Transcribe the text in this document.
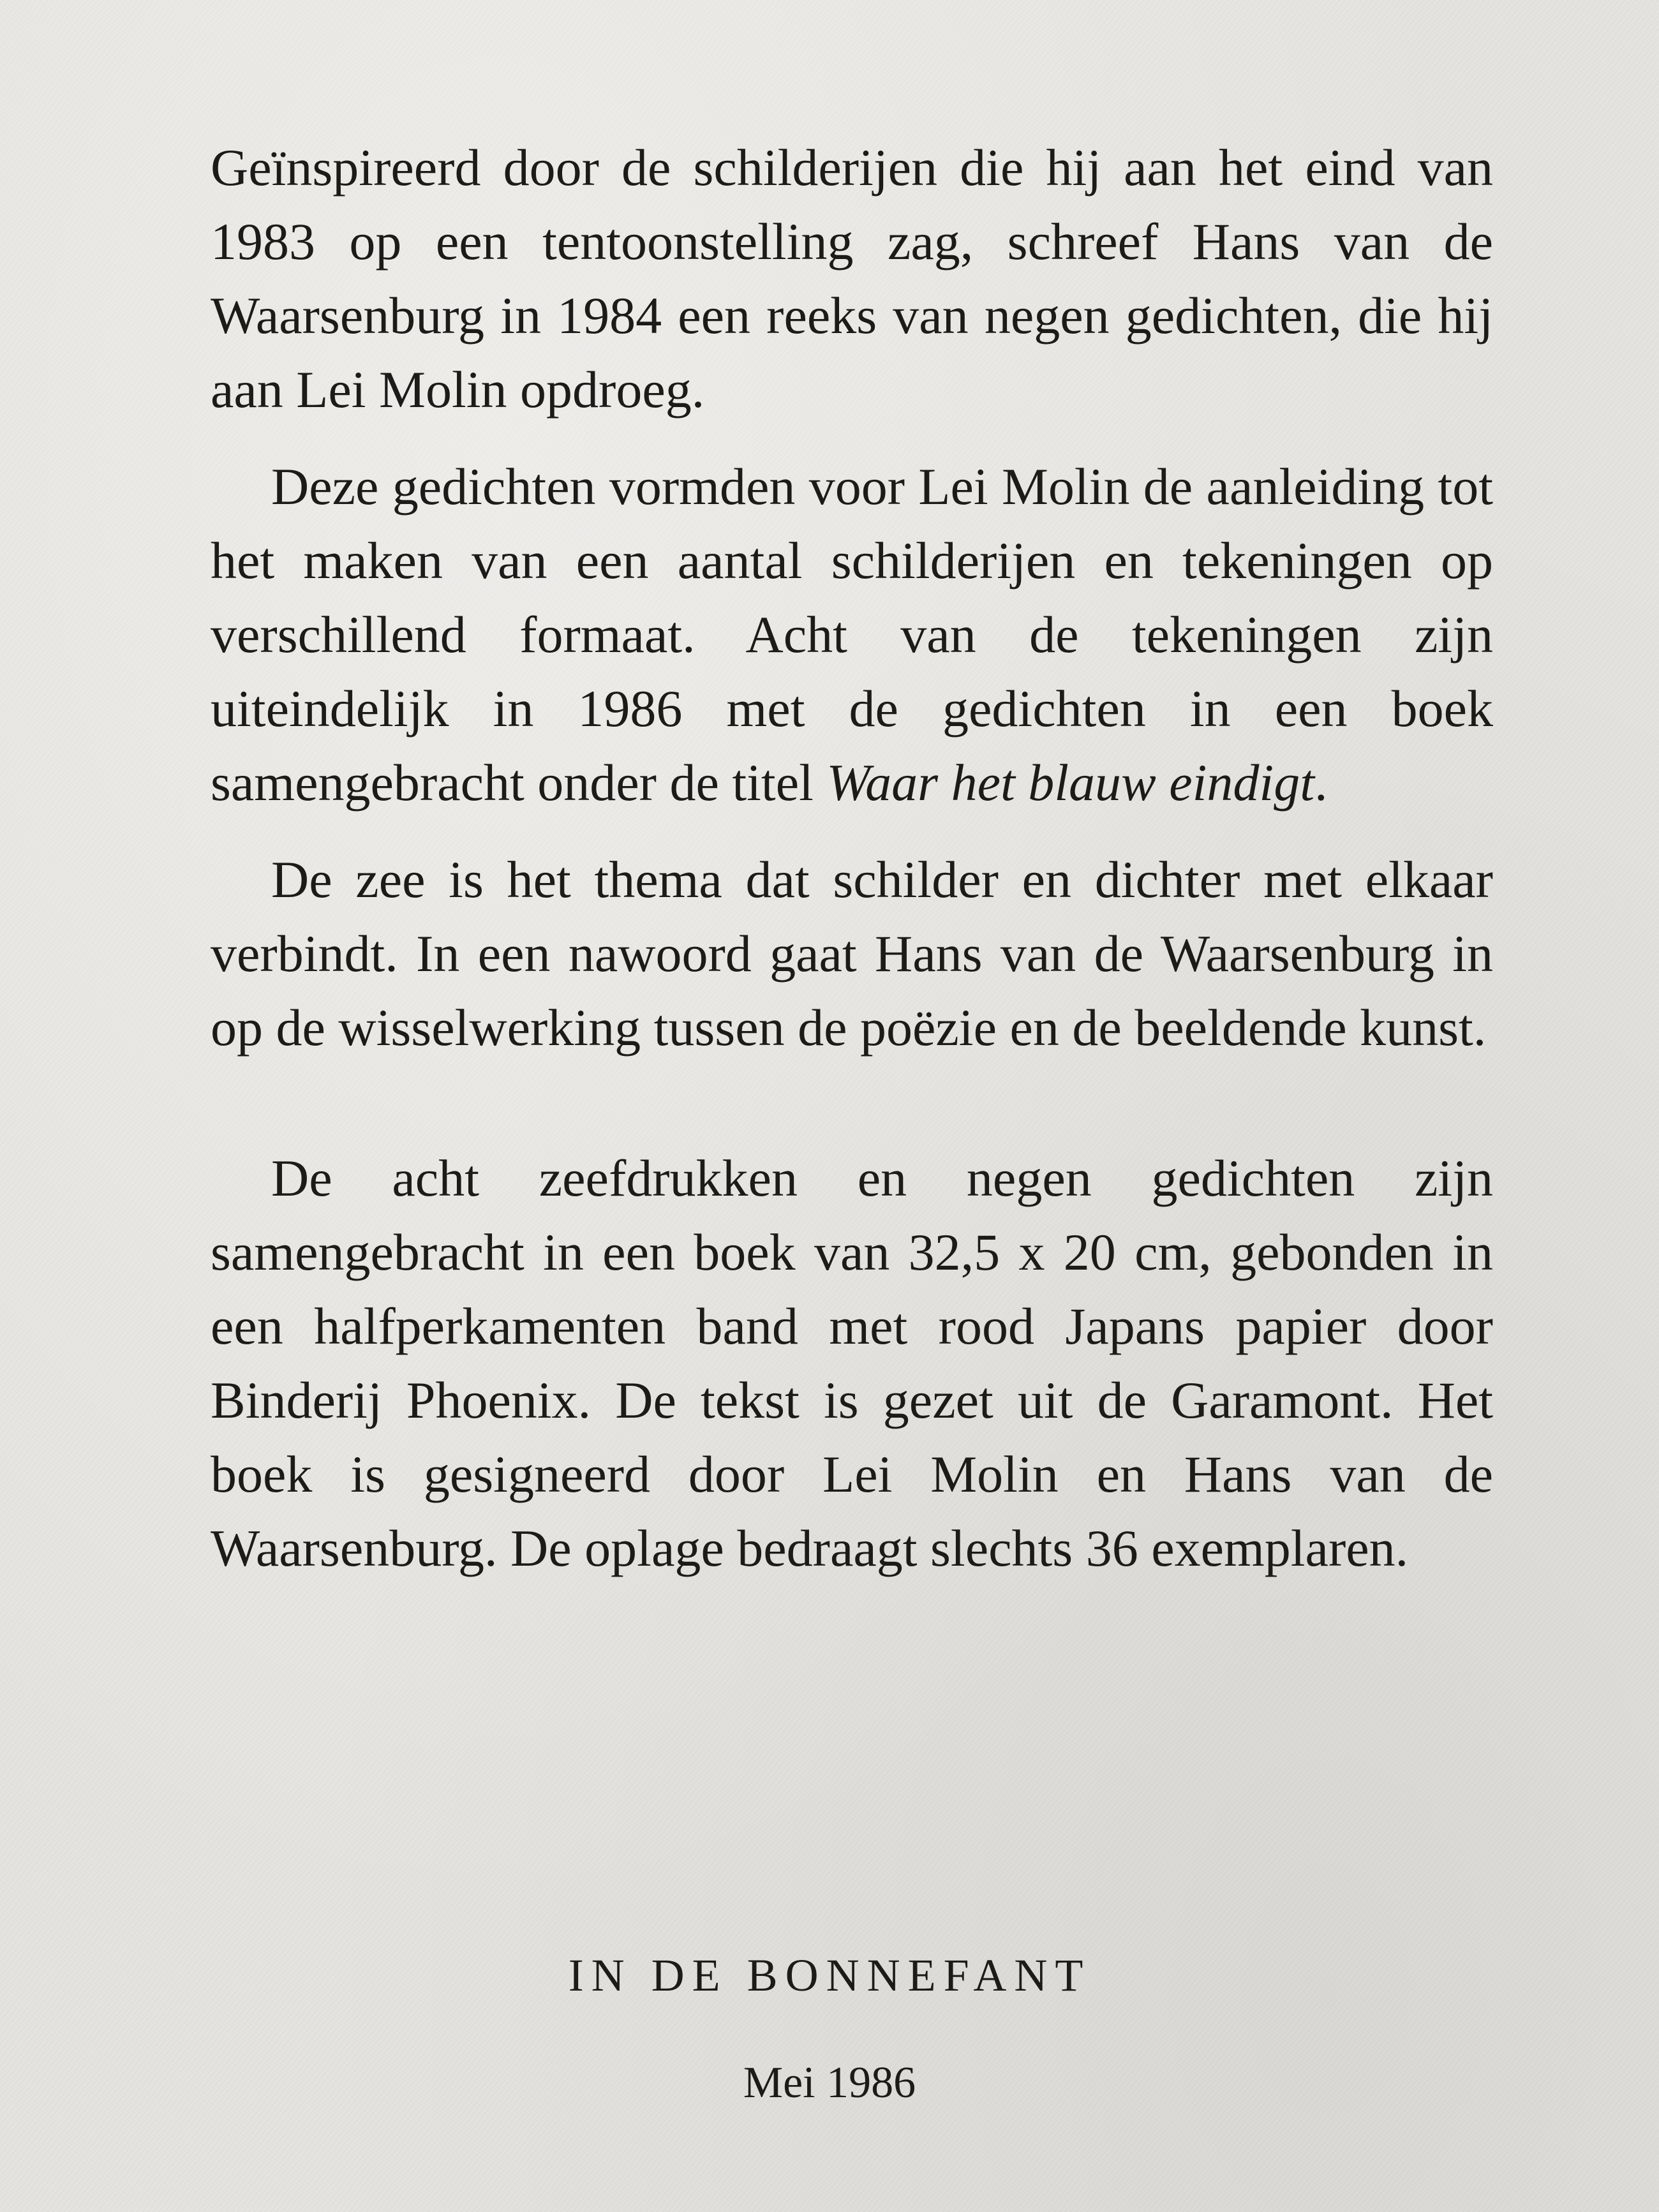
Geïnspireerd door de schilderijen die hij aan het eind van 1983 op een tentoonstelling zag, schreef Hans van de Waarsenburg in 1984 een reeks van negen gedichten, die hij aan Lei Molin opdroeg.

Deze gedichten vormden voor Lei Molin de aanleiding tot het maken van een aantal schilderijen en tekeningen op verschillend formaat. Acht van de tekeningen zijn uiteindelijk in 1986 met de gedichten in een boek samengebracht onder de titel Waar het blauw eindigt.

De zee is het thema dat schilder en dichter met elkaar verbindt. In een nawoord gaat Hans van de Waarsenburg in op de wisselwerking tussen de poëzie en de beeldende kunst.

De acht zeefdrukken en negen gedichten zijn samengebracht in een boek van 32,5 x 20 cm, gebonden in een halfperkamenten band met rood Japans papier door Binderij Phoenix. De tekst is gezet uit de Garamont. Het boek is gesigneerd door Lei Molin en Hans van de Waarsenburg. De oplage bedraagt slechts 36 exemplaren.

IN DE BONNEFANT
Mei 1986
